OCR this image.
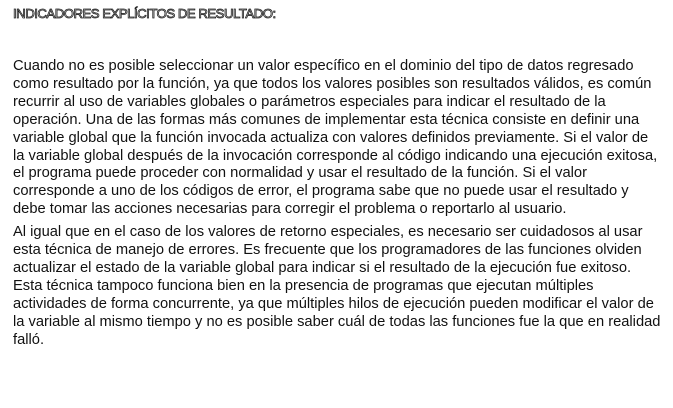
INDICADORES EXPLÍCITOS DE RESULTADO:

Cuando no es posible seleccionar un valor específico en el dominio del tipo de datos regresado como resultado por la función, ya que todos los valores posibles son resultados válidos, es común recurrir al uso de variables globales o parámetros especiales para indicar el resultado de la operación. Una de las formas más comunes de implementar esta técnica consiste en definir una variable global que la función invocada actualiza con valores definidos previamente. Si el valor de la variable global después de la invocación corresponde al código indicando una ejecución exitosa, el programa puede proceder con normalidad y usar el resultado de la función. Si el valor corresponde a uno de los códigos de error, el programa sabe que no puede usar el resultado y debe tomar las acciones necesarias para corregir el problema o reportarlo al usuario.

Al igual que en el caso de los valores de retorno especiales, es necesario ser cuidadosos al usar esta técnica de manejo de errores. Es frecuente que los programadores de las funciones olviden actualizar el estado de la variable global para indicar si el resultado de la ejecución fue exitoso. Esta técnica tampoco funciona bien en la presencia de programas que ejecutan múltiples actividades de forma concurrente, ya que múltiples hilos de ejecución pueden modificar el valor de la variable al mismo tiempo y no es posible saber cuál de todas las funciones fue la que en realidad falló.
